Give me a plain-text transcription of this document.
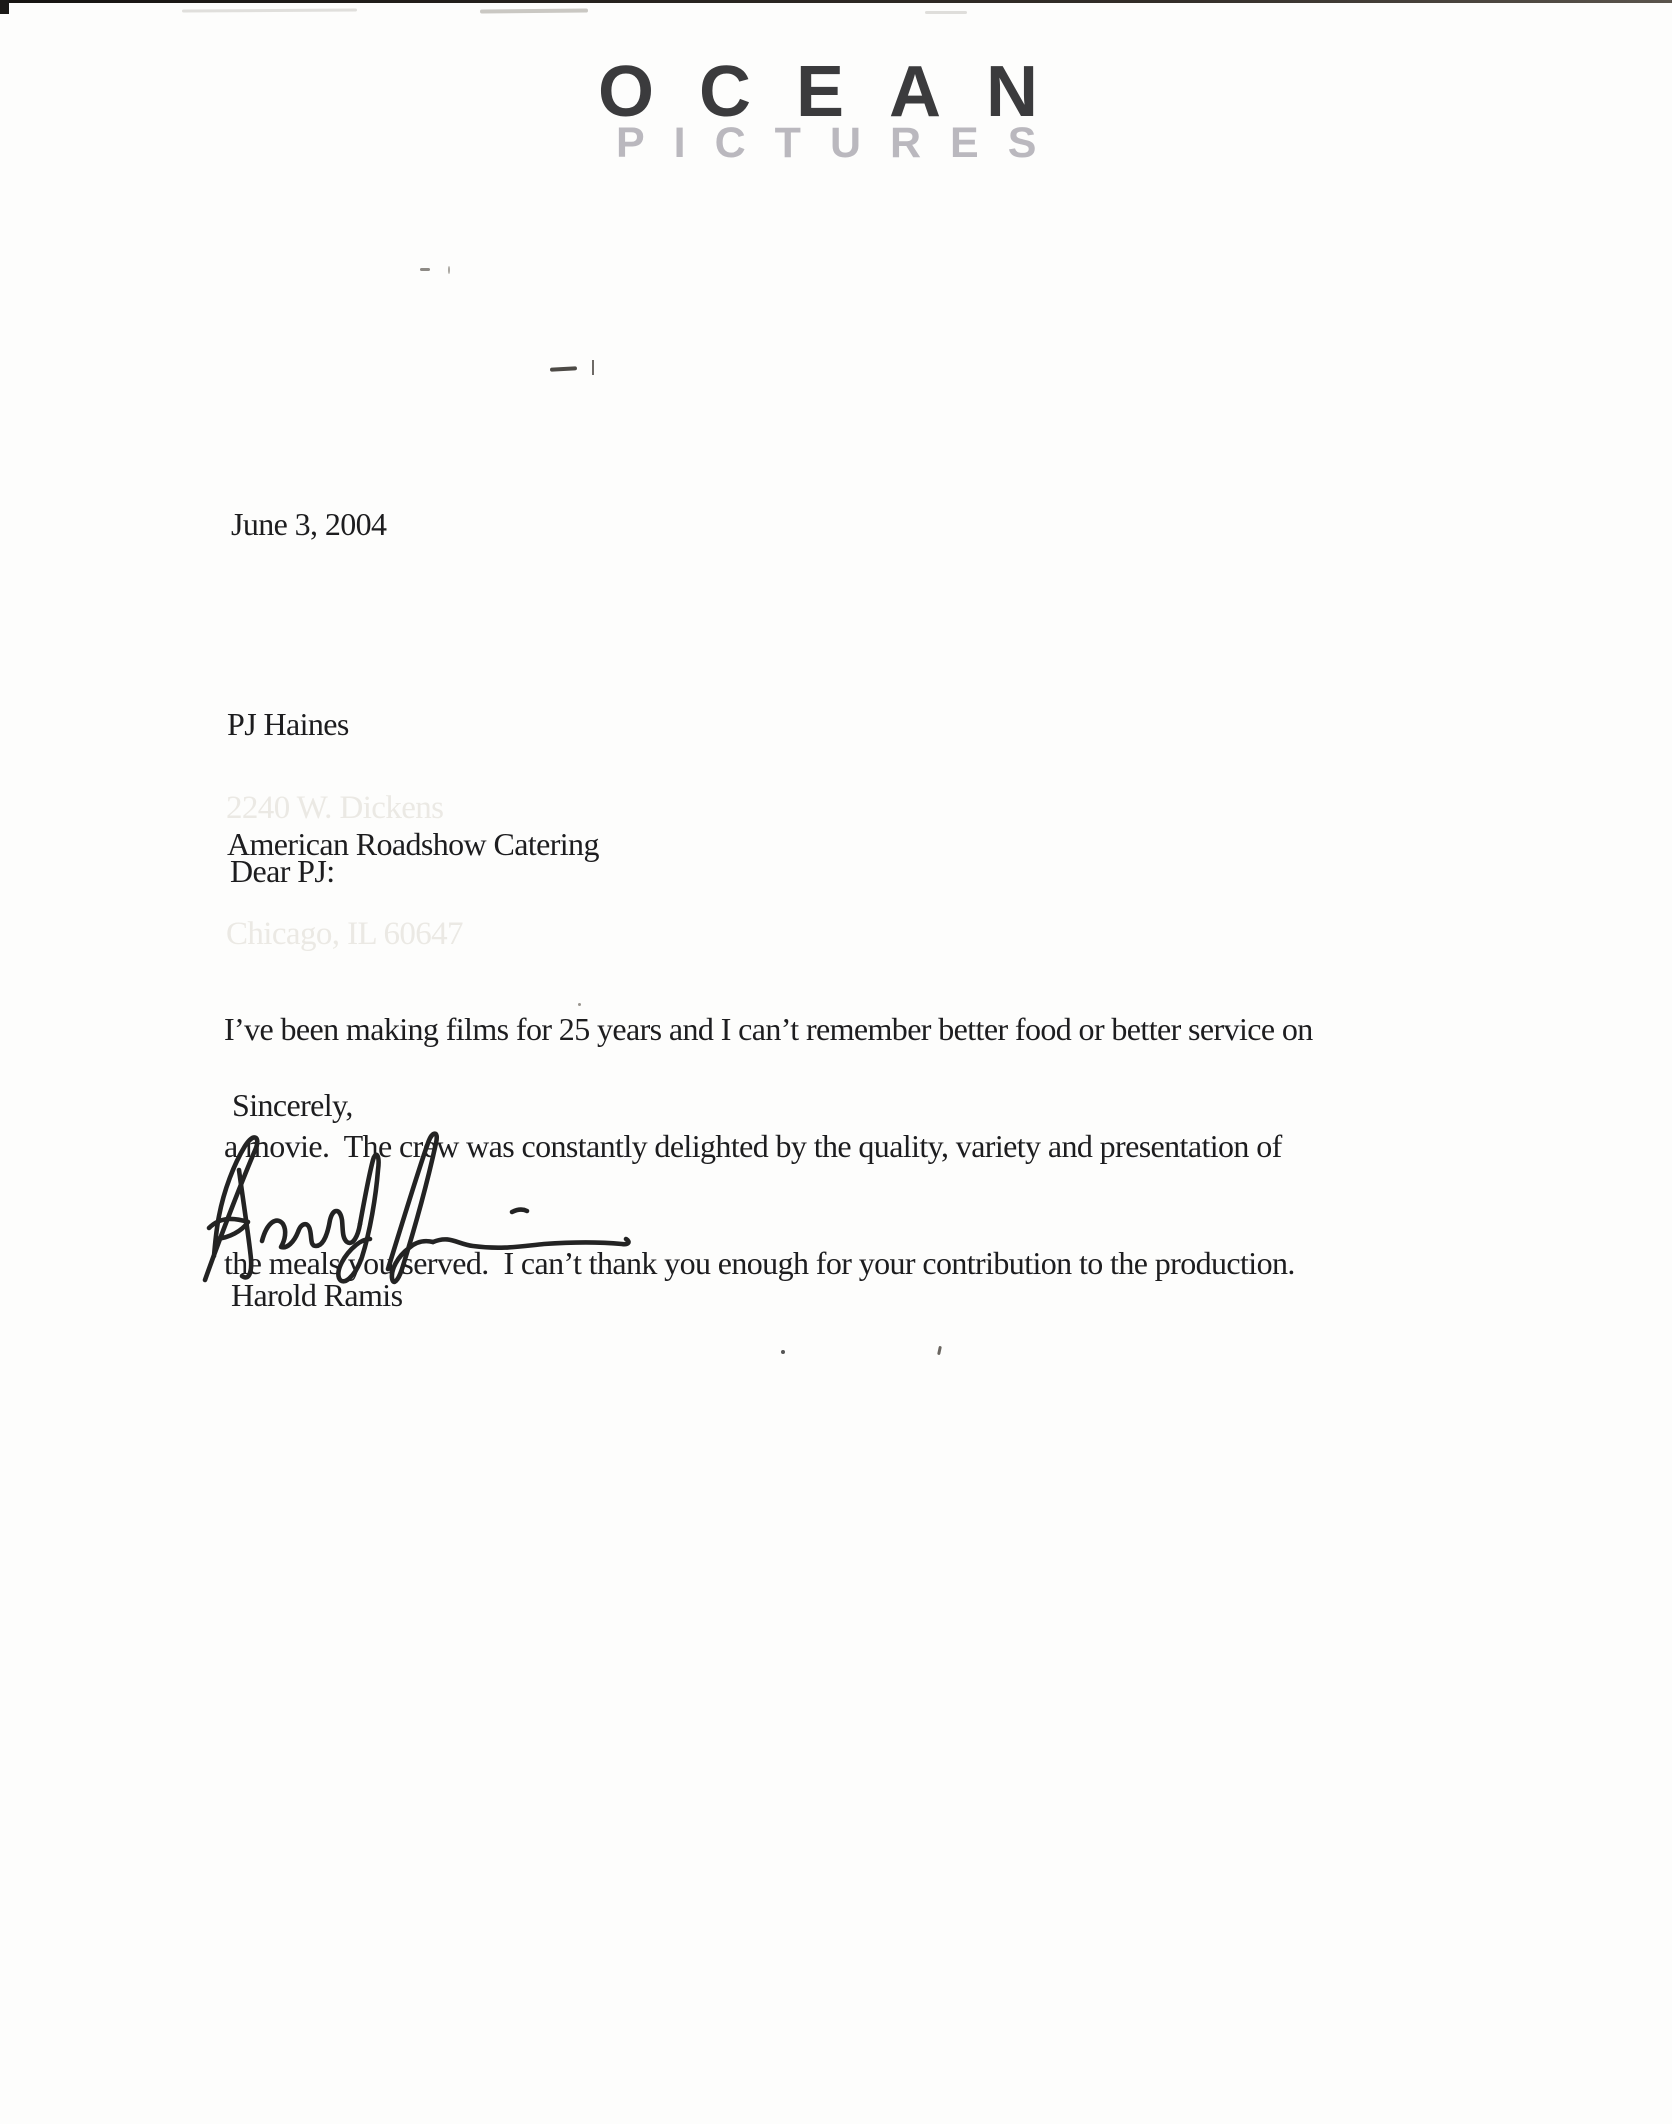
OCEAN
PICTURES
June 3, 2004

PJ Haines

American Roadshow Catering

2240 W. Dickens

Chicago, IL 60647

Dear PJ:

I’ve been making films for 25 years and I can’t remember better food or better service on

a movie.  The crew was constantly delighted by the quality, variety and presentation of

the meals you served.  I can’t thank you enough for your contribution to the production.

Sincerely,
Harold Ramis
